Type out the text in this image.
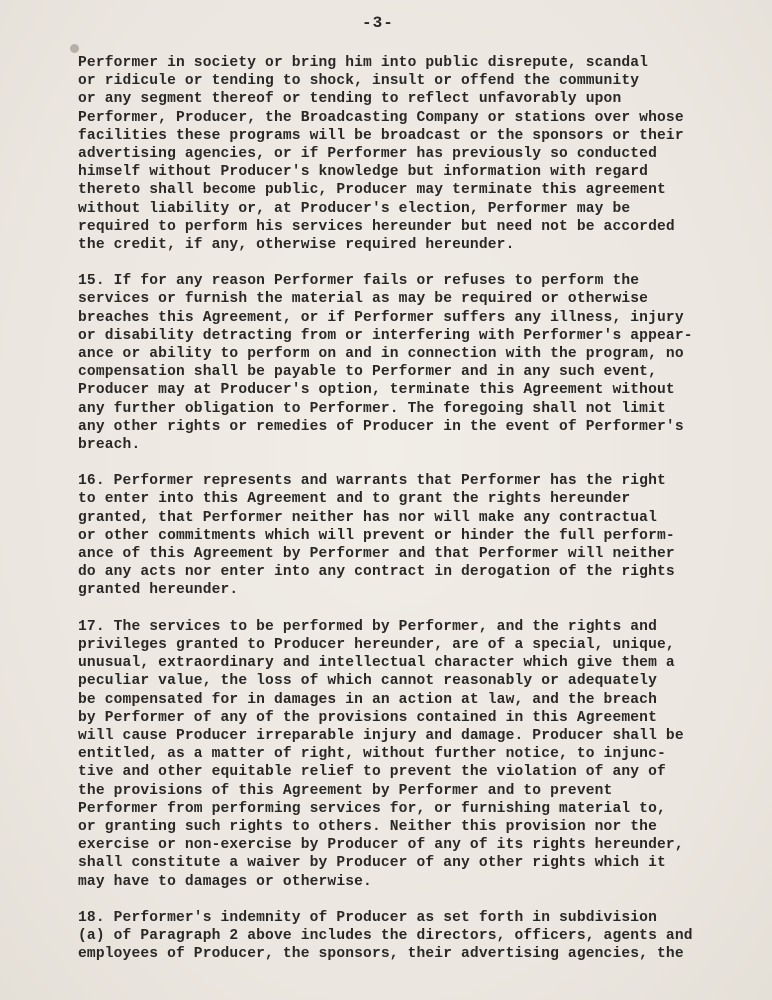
-3-

Performer in society or bring him into public disrepute, scandal
or ridicule or tending to shock, insult or offend the community
or any segment thereof or tending to reflect unfavorably upon
Performer, Producer, the Broadcasting Company or stations over whose
facilities these programs will be broadcast or the sponsors or their
advertising agencies, or if Performer has previously so conducted
himself without Producer's knowledge but information with regard
thereto shall become public, Producer may terminate this agreement
without liability or, at Producer's election, Performer may be
required to perform his services hereunder but need not be accorded
the credit, if any, otherwise required hereunder.

15. If for any reason Performer fails or refuses to perform the
services or furnish the material as may be required or otherwise
breaches this Agreement, or if Performer suffers any illness, injury
or disability detracting from or interfering with Performer's appear-
ance or ability to perform on and in connection with the program, no
compensation shall be payable to Performer and in any such event,
Producer may at Producer's option, terminate this Agreement without
any further obligation to Performer. The foregoing shall not limit
any other rights or remedies of Producer in the event of Performer's
breach.

16. Performer represents and warrants that Performer has the right
to enter into this Agreement and to grant the rights hereunder
granted, that Performer neither has nor will make any contractual
or other commitments which will prevent or hinder the full perform-
ance of this Agreement by Performer and that Performer will neither
do any acts nor enter into any contract in derogation of the rights
granted hereunder.

17. The services to be performed by Performer, and the rights and
privileges granted to Producer hereunder, are of a special, unique,
unusual, extraordinary and intellectual character which give them a
peculiar value, the loss of which cannot reasonably or adequately
be compensated for in damages in an action at law, and the breach
by Performer of any of the provisions contained in this Agreement
will cause Producer irreparable injury and damage. Producer shall be
entitled, as a matter of right, without further notice, to injunc-
tive and other equitable relief to prevent the violation of any of
the provisions of this Agreement by Performer and to prevent
Performer from performing services for, or furnishing material to,
or granting such rights to others. Neither this provision nor the
exercise or non-exercise by Producer of any of its rights hereunder,
shall constitute a waiver by Producer of any other rights which it
may have to damages or otherwise.

18. Performer's indemnity of Producer as set forth in subdivision
(a) of Paragraph 2 above includes the directors, officers, agents and
employees of Producer, the sponsors, their advertising agencies, the
